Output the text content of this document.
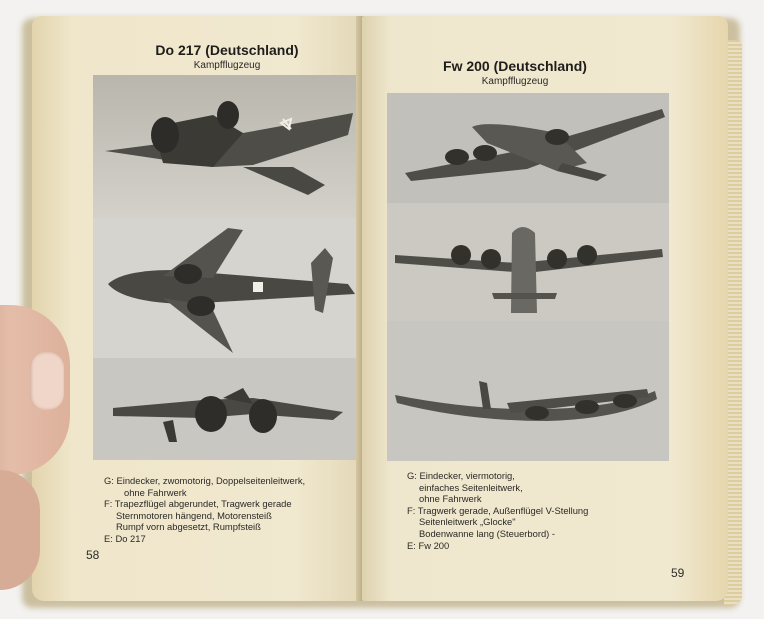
Do 217 (Deutschland)
Kampfflugzeug
G: Eindecker, zwomotorig, Doppelseitenleitwerk,
ohne Fahrwerk
F: Trapezflügel abgerundet, Tragwerk gerade
Sternmotoren hängend, Motorensteiß
Rumpf vorn abgesetzt, Rumpfsteiß
E: Do 217
58
Fw 200 (Deutschland)
Kampfflugzeug
G: Eindecker, viermotorig,
einfaches Seitenleitwerk,
ohne Fahrwerk
F: Tragwerk gerade, Außenflügel V-Stellung
Seitenleitwerk „Glocke"
Bodenwanne lang (Steuerbord) -
E: Fw 200
59
